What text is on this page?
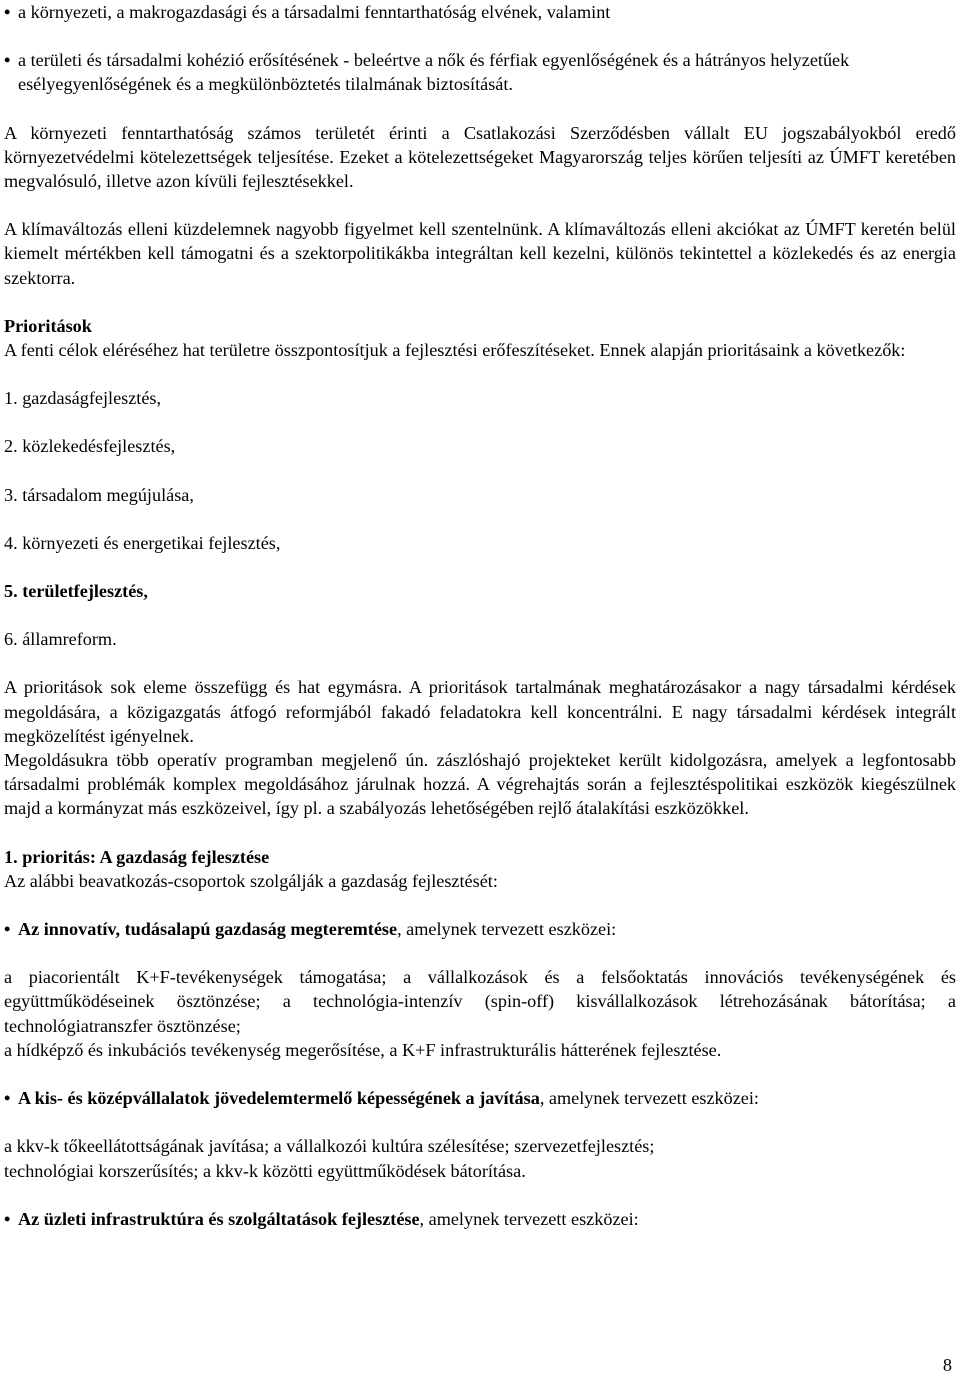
• a környezeti, a makrogazdasági és a társadalmi fenntarthatóság elvének, valamint
• a területi és társadalmi kohézió erősítésének - beleértve a nők és férfiak egyenlőségének és a hátrányos helyzetűek esélyegyenlőségének és a megkülönböztetés tilalmának biztosítását.

A környezeti fenntarthatóság számos területét érinti a Csatlakozási Szerződésben vállalt EU jogszabályokból eredő környezetvédelmi kötelezettségek teljesítése. Ezeket a kötelezettségeket Magyarország teljes körűen teljesíti az ÚMFT keretében megvalósuló, illetve azon kívüli fejlesztésekkel.

A klímaváltozás elleni küzdelemnek nagyobb figyelmet kell szentelnünk. A klímaváltozás elleni akciókat az ÚMFT keretén belül kiemelt mértékben kell támogatni és a szektorpolitikákba integráltan kell kezelni, különös tekintettel a közlekedés és az energia szektorra.

Prioritások

A fenti célok eléréséhez hat területre összpontosítjuk a fejlesztési erőfeszítéseket. Ennek alapján prioritásaink a következők:

1. gazdaságfejlesztés,
2. közlekedésfejlesztés,
3. társadalom megújulása,
4. környezeti és energetikai fejlesztés,
5. területfejlesztés,
6. államreform.

A prioritások sok eleme összefügg és hat egymásra. A prioritások tartalmának meghatározásakor a nagy társadalmi kérdések megoldására, a közigazgatás átfogó reformjából fakadó feladatokra kell koncentrálni. E nagy társadalmi kérdések integrált megközelítést igényelnek.

Megoldásukra több operatív programban megjelenő ún. zászlóshajó projekteket került kidolgozásra, amelyek a legfontosabb társadalmi problémák komplex megoldásához járulnak hozzá. A végrehajtás során a fejlesztéspolitikai eszközök kiegészülnek majd a kormányzat más eszközeivel, így pl. a szabályozás lehetőségében rejlő átalakítási eszközökkel.

1. prioritás: A gazdaság fejlesztése
Az alábbi beavatkozás-csoportok szolgálják a gazdaság fejlesztését:
• Az innovatív, tudásalapú gazdaság megteremtése, amelynek tervezett eszközei:

a piacorientált K+F-tevékenységek támogatása; a vállalkozások és a felsőoktatás innovációs tevékenységének és együttműködéseinek ösztönzése; a technológia-intenzív (spin-off) kisvállalkozások létrehozásának bátorítása; a technológiatranszfer ösztönzése;

a hídképző és inkubációs tevékenység megerősítése, a K+F infrastrukturális hátterének fejlesztése.

• A kis- és középvállalatok jövedelemtermelő képességének a javítása, amelynek tervezett eszközei:

a kkv-k tőkeellátottságának javítása; a vállalkozói kultúra szélesítése; szervezetfejlesztés;

technológiai korszerűsítés; a kkv-k közötti együttműködések bátorítása.

• Az üzleti infrastruktúra és szolgáltatások fejlesztése, amelynek tervezett eszközei:
8
